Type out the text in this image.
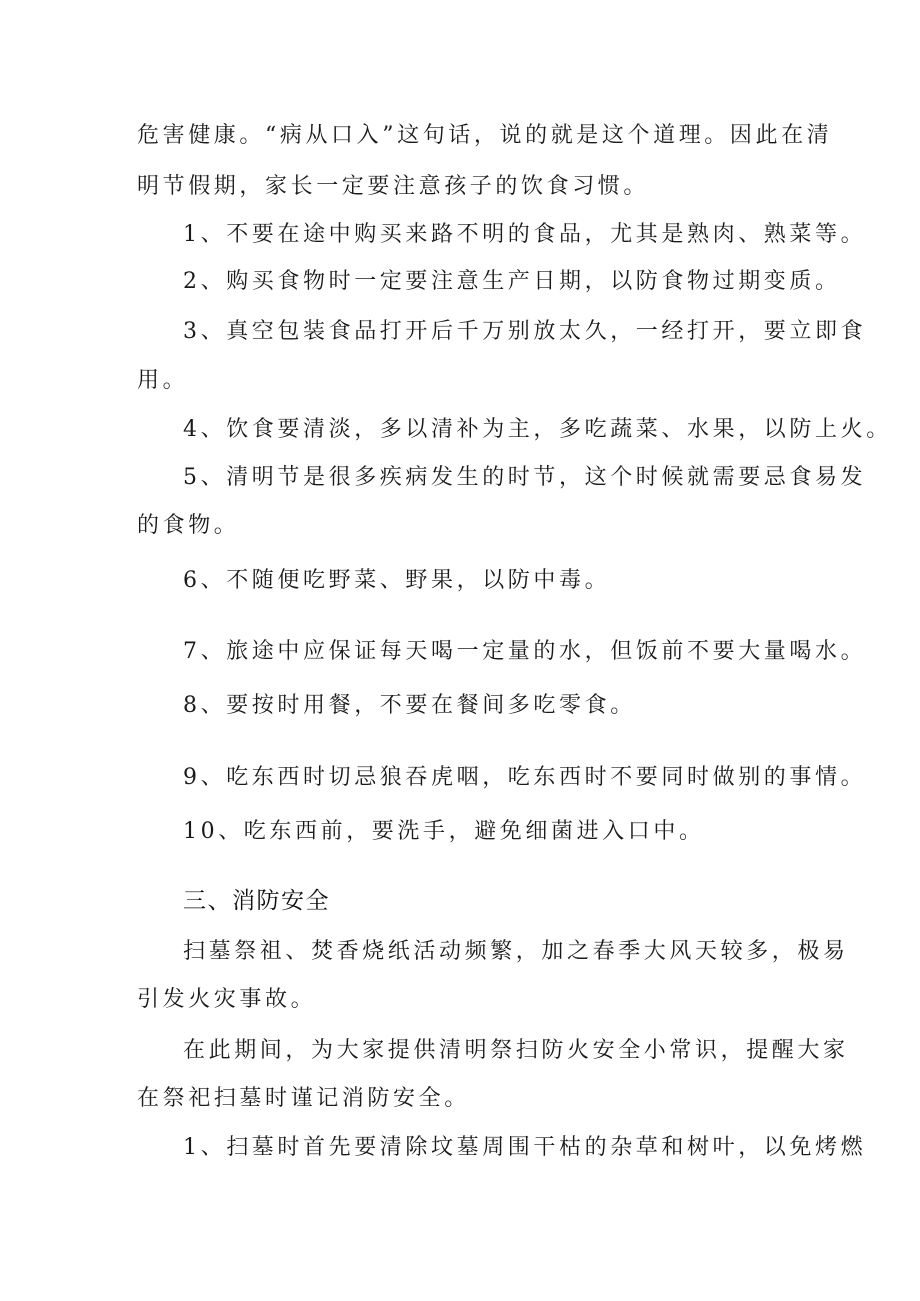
危害健康。“病从口入”这句话，说的就是这个道理。因此在清
明节假期，家长一定要注意孩子的饮食习惯。
1、不要在途中购买来路不明的食品，尤其是熟肉、熟菜等。
2、购买食物时一定要注意生产日期，以防食物过期变质。
3、真空包装食品打开后千万别放太久，一经打开，要立即食
用。
4、饮食要清淡，多以清补为主，多吃蔬菜、水果，以防上火。
5、清明节是很多疾病发生的时节，这个时候就需要忌食易发
的食物。
6、不随便吃野菜、野果，以防中毒。
7、旅途中应保证每天喝一定量的水，但饭前不要大量喝水。
8、要按时用餐，不要在餐间多吃零食。
9、吃东西时切忌狼吞虎咽，吃东西时不要同时做别的事情。
10、吃东西前，要洗手，避免细菌进入口中。
三、消防安全
扫墓祭祖、焚香烧纸活动频繁，加之春季大风天较多，极易
引发火灾事故。
在此期间，为大家提供清明祭扫防火安全小常识，提醒大家
在祭祀扫墓时谨记消防安全。
1、扫墓时首先要清除坟墓周围干枯的杂草和树叶，以免烤燃
